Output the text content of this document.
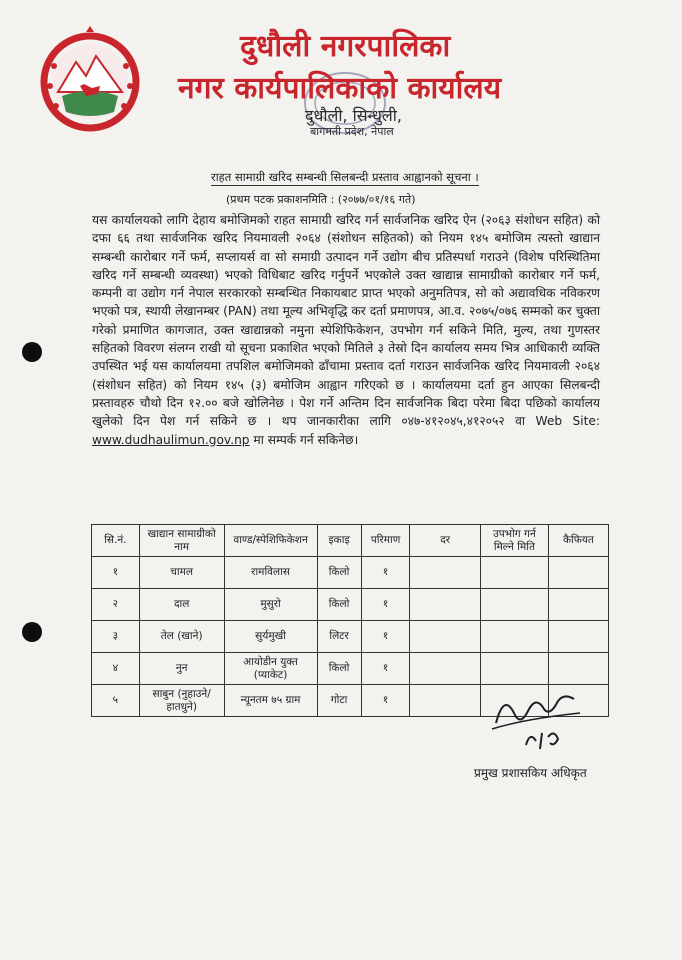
दुधौली नगरपालिका
नगर कार्यपालिकाको कार्यालय
दुधौली, सिन्धुली,
बागमती प्रदेश, नेपाल
राहत सामाग्री खरिद सम्बन्धी सिलबन्दी प्रस्ताव आह्वानको सूचना ।
(प्रथम पटक प्रकाशनमिति : (२०७७/०१/१६ गते)
यस कार्यालयको लागि देहाय बमोजिमको राहत सामाग्री खरिद गर्न सार्वजनिक खरिद ऐन (२०६३ संशोधन सहित) को दफा ६६ तथा सार्वजनिक खरिद नियमावली २०६४ (संशोधन सहितको) को नियम १४५ बमोजिम त्यस्तो खाद्यान सम्बन्धी कारोबार गर्ने फर्म, सप्लायर्स वा सो समाग्री उत्पादन गर्ने उद्योग बीच प्रतिस्पर्धा गराउने (विशेष परिस्थितिमा खरिद गर्ने सम्बन्धी व्यवस्था) भएको विधिबाट खरिद गर्नुपर्ने भएकोले उक्त खाद्यान्न सामाग्रीको कारोबार गर्ने फर्म, कम्पनी वा उद्योग गर्न नेपाल सरकारको सम्बन्धित निकायबाट प्राप्त भएको अनुमतिपत्र, सो को अद्यावधिक नविकरण भएको पत्र, स्थायी लेखानम्बर (PAN) तथा मूल्य अभिवृद्धि कर दर्ता प्रमाणपत्र, आ.व. २०७५/०७६ सम्मको कर चुक्ता गरेको प्रमाणित कागजात, उक्त खाद्यान्नको नमुना स्पेशिफिकेशन, उपभोग गर्न सकिने मिति, मुल्य, तथा गुणस्तर सहितको विवरण संलग्न राखी यो सूचना प्रकाशित भएको मितिले ३ तेस्रो दिन कार्यालय समय भित्र आधिकारी व्यक्ति उपस्थित भई यस कार्यालयमा तपशिल बमोजिमको ढाँचामा प्रस्ताव दर्ता गराउन सार्वजनिक खरिद नियमावली २०६४ (संशोधन सहित) को नियम १४५ (३) बमोजिम आह्वान गरिएको छ । कार्यालयमा दर्ता हुन आएका सिलबन्दी प्रस्तावहरु चौथो दिन १२.०० बजे खोलिनेछ । पेश गर्ने अन्तिम दिन सार्वजनिक बिदा परेमा बिदा पछिको कार्यालय खुलेको दिन पेश गर्न सकिने छ । थप जानकारीका लागि ०४७-४१२०४५,४१२०५२ वा Web Site: www.dudhaulimun.gov.np मा सम्पर्क गर्न सकिनेछ।
सि.नं.	खाद्यान सामाग्रीको नाम	वाण्ड/स्पेशिफिकेशन	इकाइ	परिमाण	दर	उपभोग गर्न मिल्ने मिति	कैफियत
१	चामल	रामविलास	किलो	१			
२	दाल	मुसुरो	किलो	१			
३	तेल (खाने)	सुर्यमुखी	लिटर	१			
४	नुन	आयोडीन युक्त (प्याकेट)	किलो	१			
५	साबुन (नुहाउने/ हातधुने)	न्यूनतम ७५ ग्राम	गोटा	१			
प्रमुख प्रशासकिय अधिकृत
